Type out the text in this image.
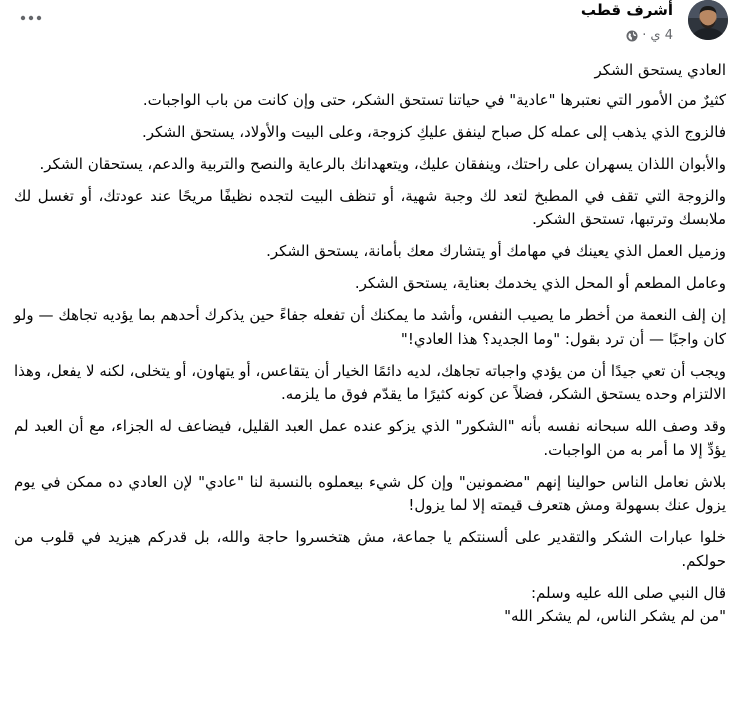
أشرف قطب
4 ي
·

العادي يستحق الشكر

كثيرٌ من الأمور التي نعتبرها "عادية" في حياتنا تستحق الشكر، حتى وإن كانت من باب الواجبات.

فالزوج الذي يذهب إلى عمله كل صباح لينفق عليكِ كزوجة، وعلى البيت والأولاد، يستحق الشكر.

والأبوان اللذان يسهران على راحتك، وينفقان عليك، ويتعهدانك بالرعاية والنصح والتربية والدعم، يستحقان الشكر.

والزوجة التي تقف في المطبخ لتعد لك وجبة شهية، أو تنظف البيت لتجده نظيفًا مريحًا عند عودتك، أو تغسل لك ملابسك وترتبها، تستحق الشكر.

وزميل العمل الذي يعينك في مهامك أو يتشارك معك بأمانة، يستحق الشكر.

وعامل المطعم أو المحل الذي يخدمك بعناية، يستحق الشكر.

إن إلف النعمة من أخطر ما يصيب النفس، وأشد ما يمكنك أن تفعله جفاءً حين يذكرك أحدهم بما يؤديه تجاهك — ولو كان واجبًا — أن ترد بقول: "وما الجديد؟ هذا العادي!"

ويجب أن تعي جيدًا أن من يؤدي واجباته تجاهك، لديه دائمًا الخيار أن يتقاعس، أو يتهاون، أو يتخلى، لكنه لا يفعل، وهذا الالتزام وحده يستحق الشكر، فضلاً عن كونه كثيرًا ما يقدّم فوق ما يلزمه.

وقد وصف الله سبحانه نفسه بأنه "الشكور" الذي يزكو عنده عمل العبد القليل، فيضاعف له الجزاء، مع أن العبد لم يؤدِّ إلا ما أمر به من الواجبات.

بلاش نعامل الناس حوالينا إنهم "مضمونين" وإن كل شيء بيعملوه بالنسبة لنا "عادي" لإن العادي ده ممكن في يوم يزول عنك بسهولة ومش هتعرف قيمته إلا لما يزول!

خلوا عبارات الشكر والتقدير على ألسنتكم يا جماعة، مش هتخسروا حاجة والله، بل قدركم هيزيد في قلوب من حولكم.

قال النبي صلى الله عليه وسلم:
"من لم يشكر الناس، لم يشكر الله"
